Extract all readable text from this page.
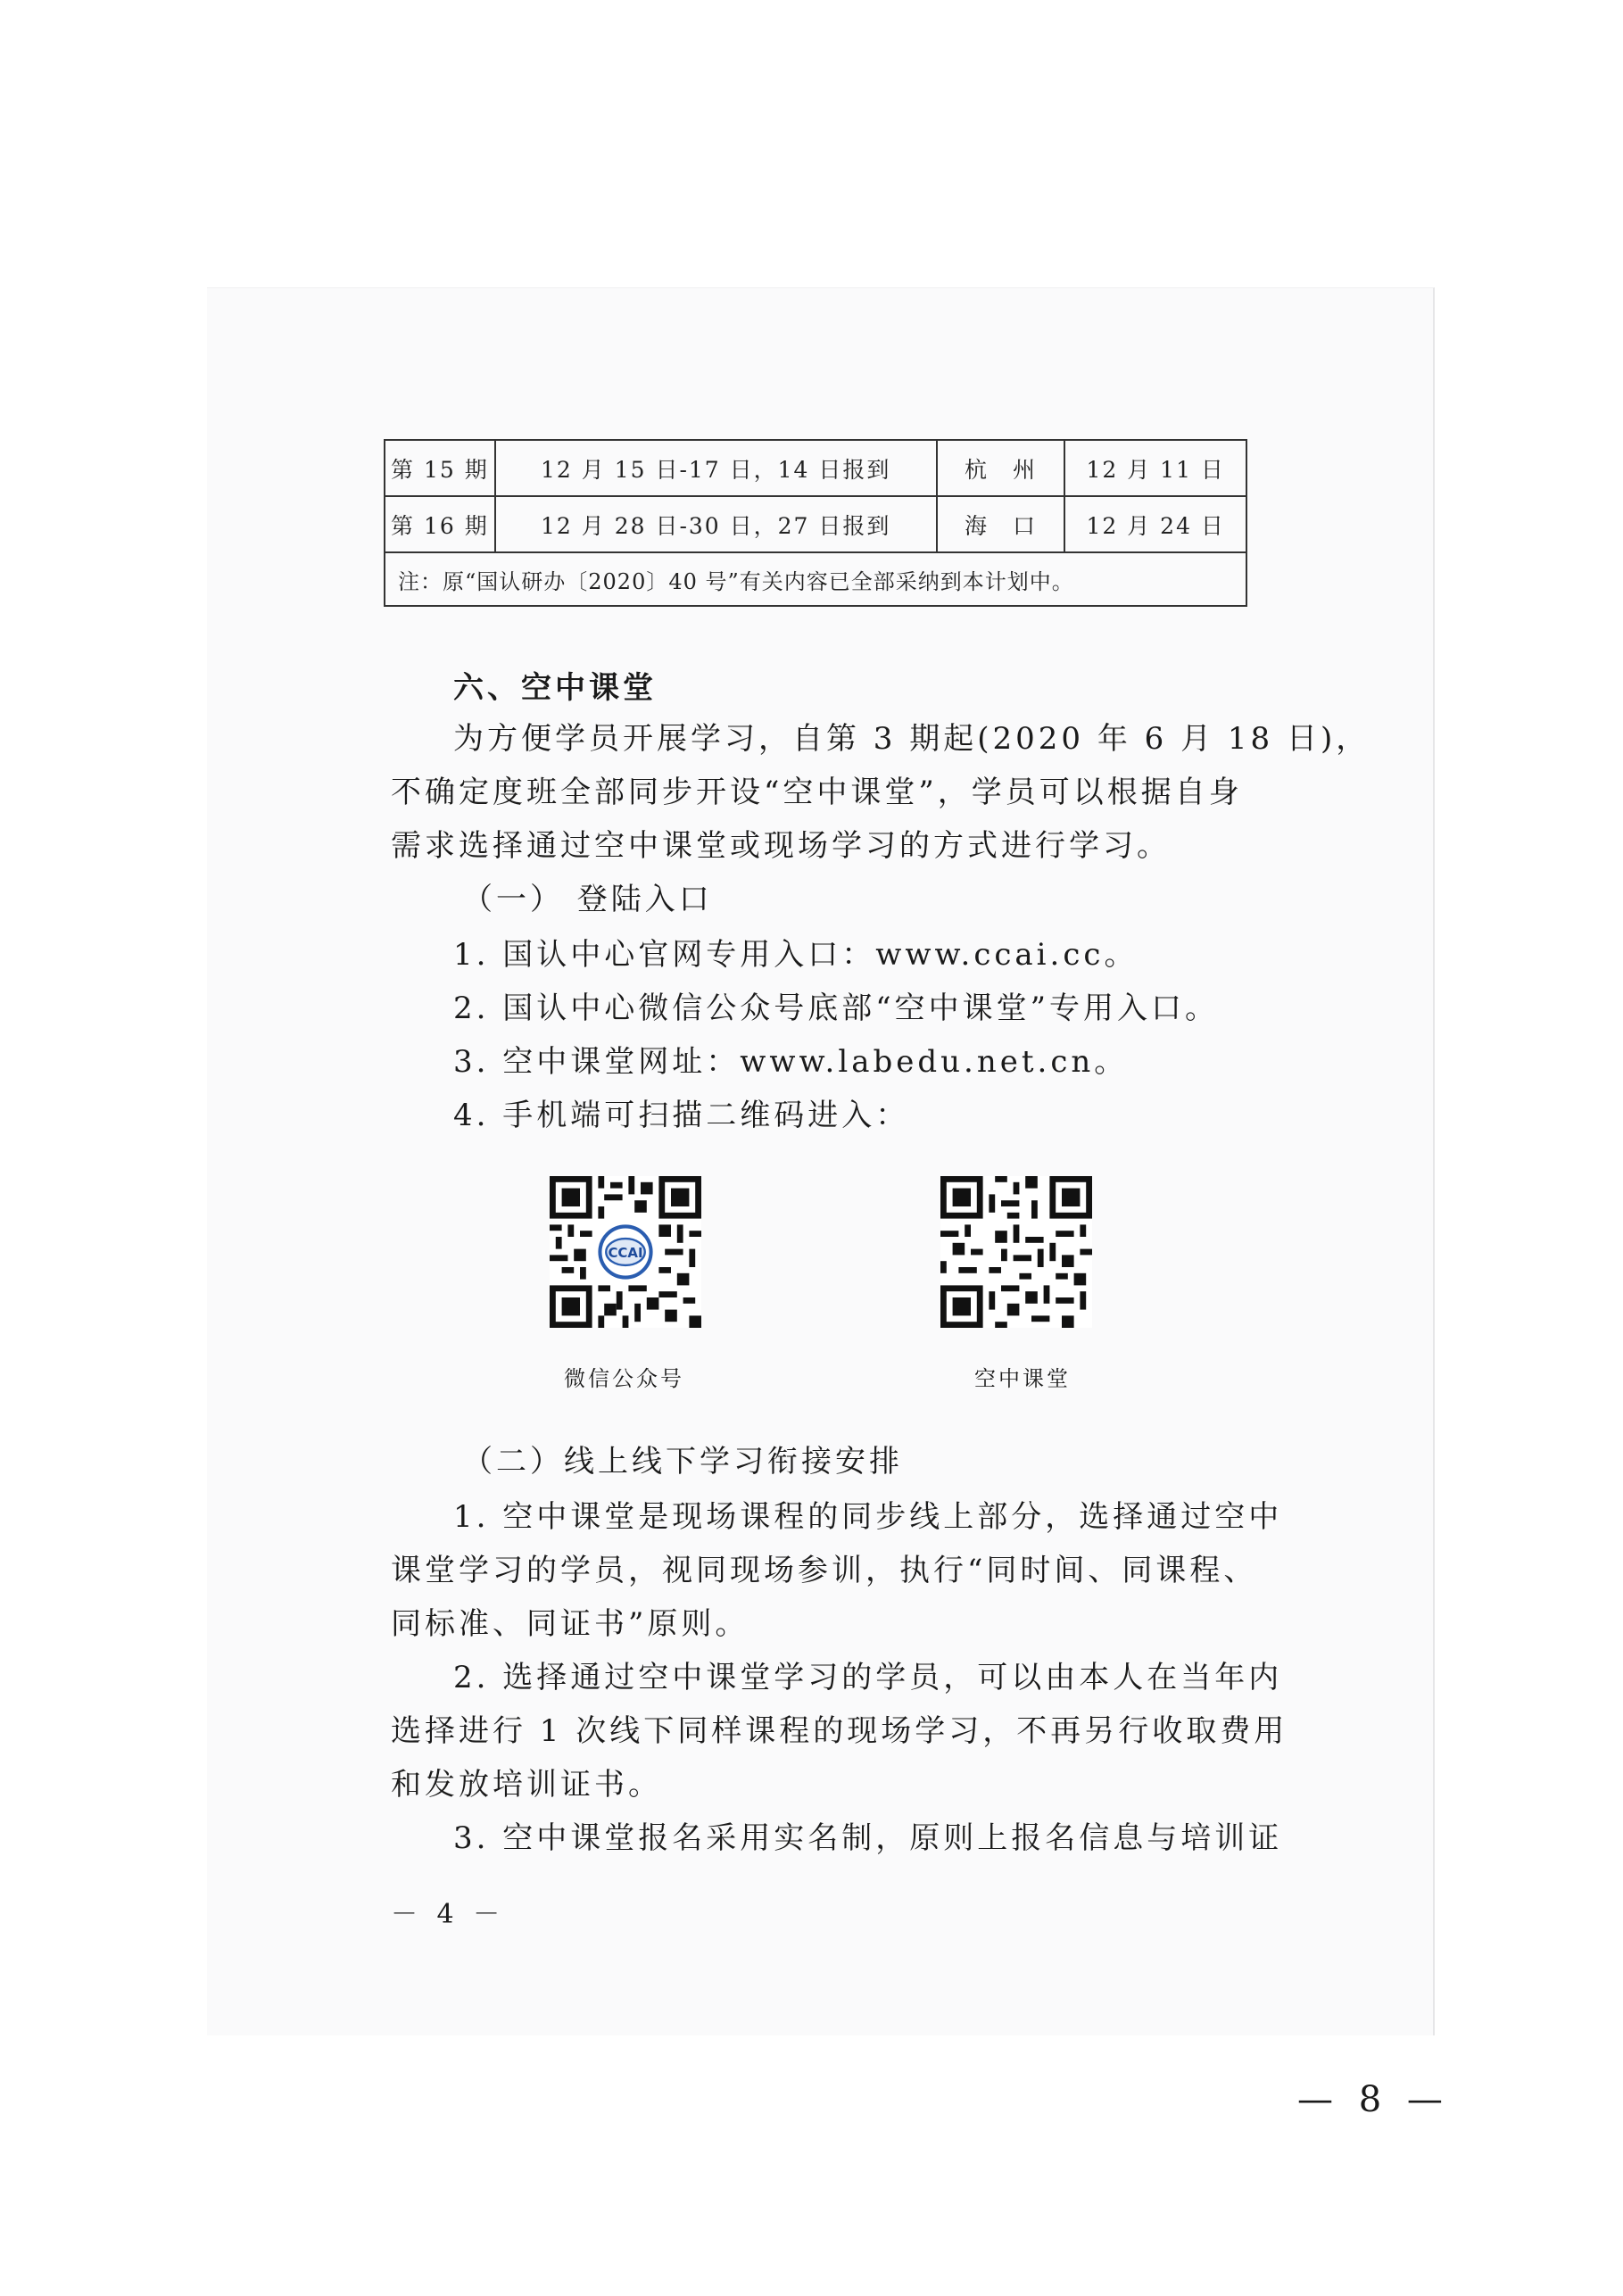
第 15 期	12 月 15 日-17 日，14 日报到	杭　州	12 月 11 日
第 16 期	12 月 28 日-30 日，27 日报到	海　口	12 月 24 日
注：原“国认研办〔2020〕40 号”有关内容已全部采纳到本计划中。			
六、空中课堂
为方便学员开展学习，自第 3 期起(2020 年 6 月 18 日)，
不确定度班全部同步开设“空中课堂”，学员可以根据自身
需求选择通过空中课堂或现场学习的方式进行学习。
（一） 登陆入口
1. 国认中心官网专用入口：www.ccai.cc。
2. 国认中心微信公众号底部“空中课堂”专用入口。
3. 空中课堂网址：www.labedu.net.cn。
4. 手机端可扫描二维码进入：
CCAI
微信公众号	空中课堂
（二）线上线下学习衔接安排
1. 空中课堂是现场课程的同步线上部分，选择通过空中
课堂学习的学员，视同现场参训，执行“同时间、同课程、
同标准、同证书”原则。
2. 选择通过空中课堂学习的学员，可以由本人在当年内
选择进行 1 次线下同样课程的现场学习，不再另行收取费用
和发放培训证书。
3. 空中课堂报名采用实名制，原则上报名信息与培训证
－ 4 －
— 8 —
